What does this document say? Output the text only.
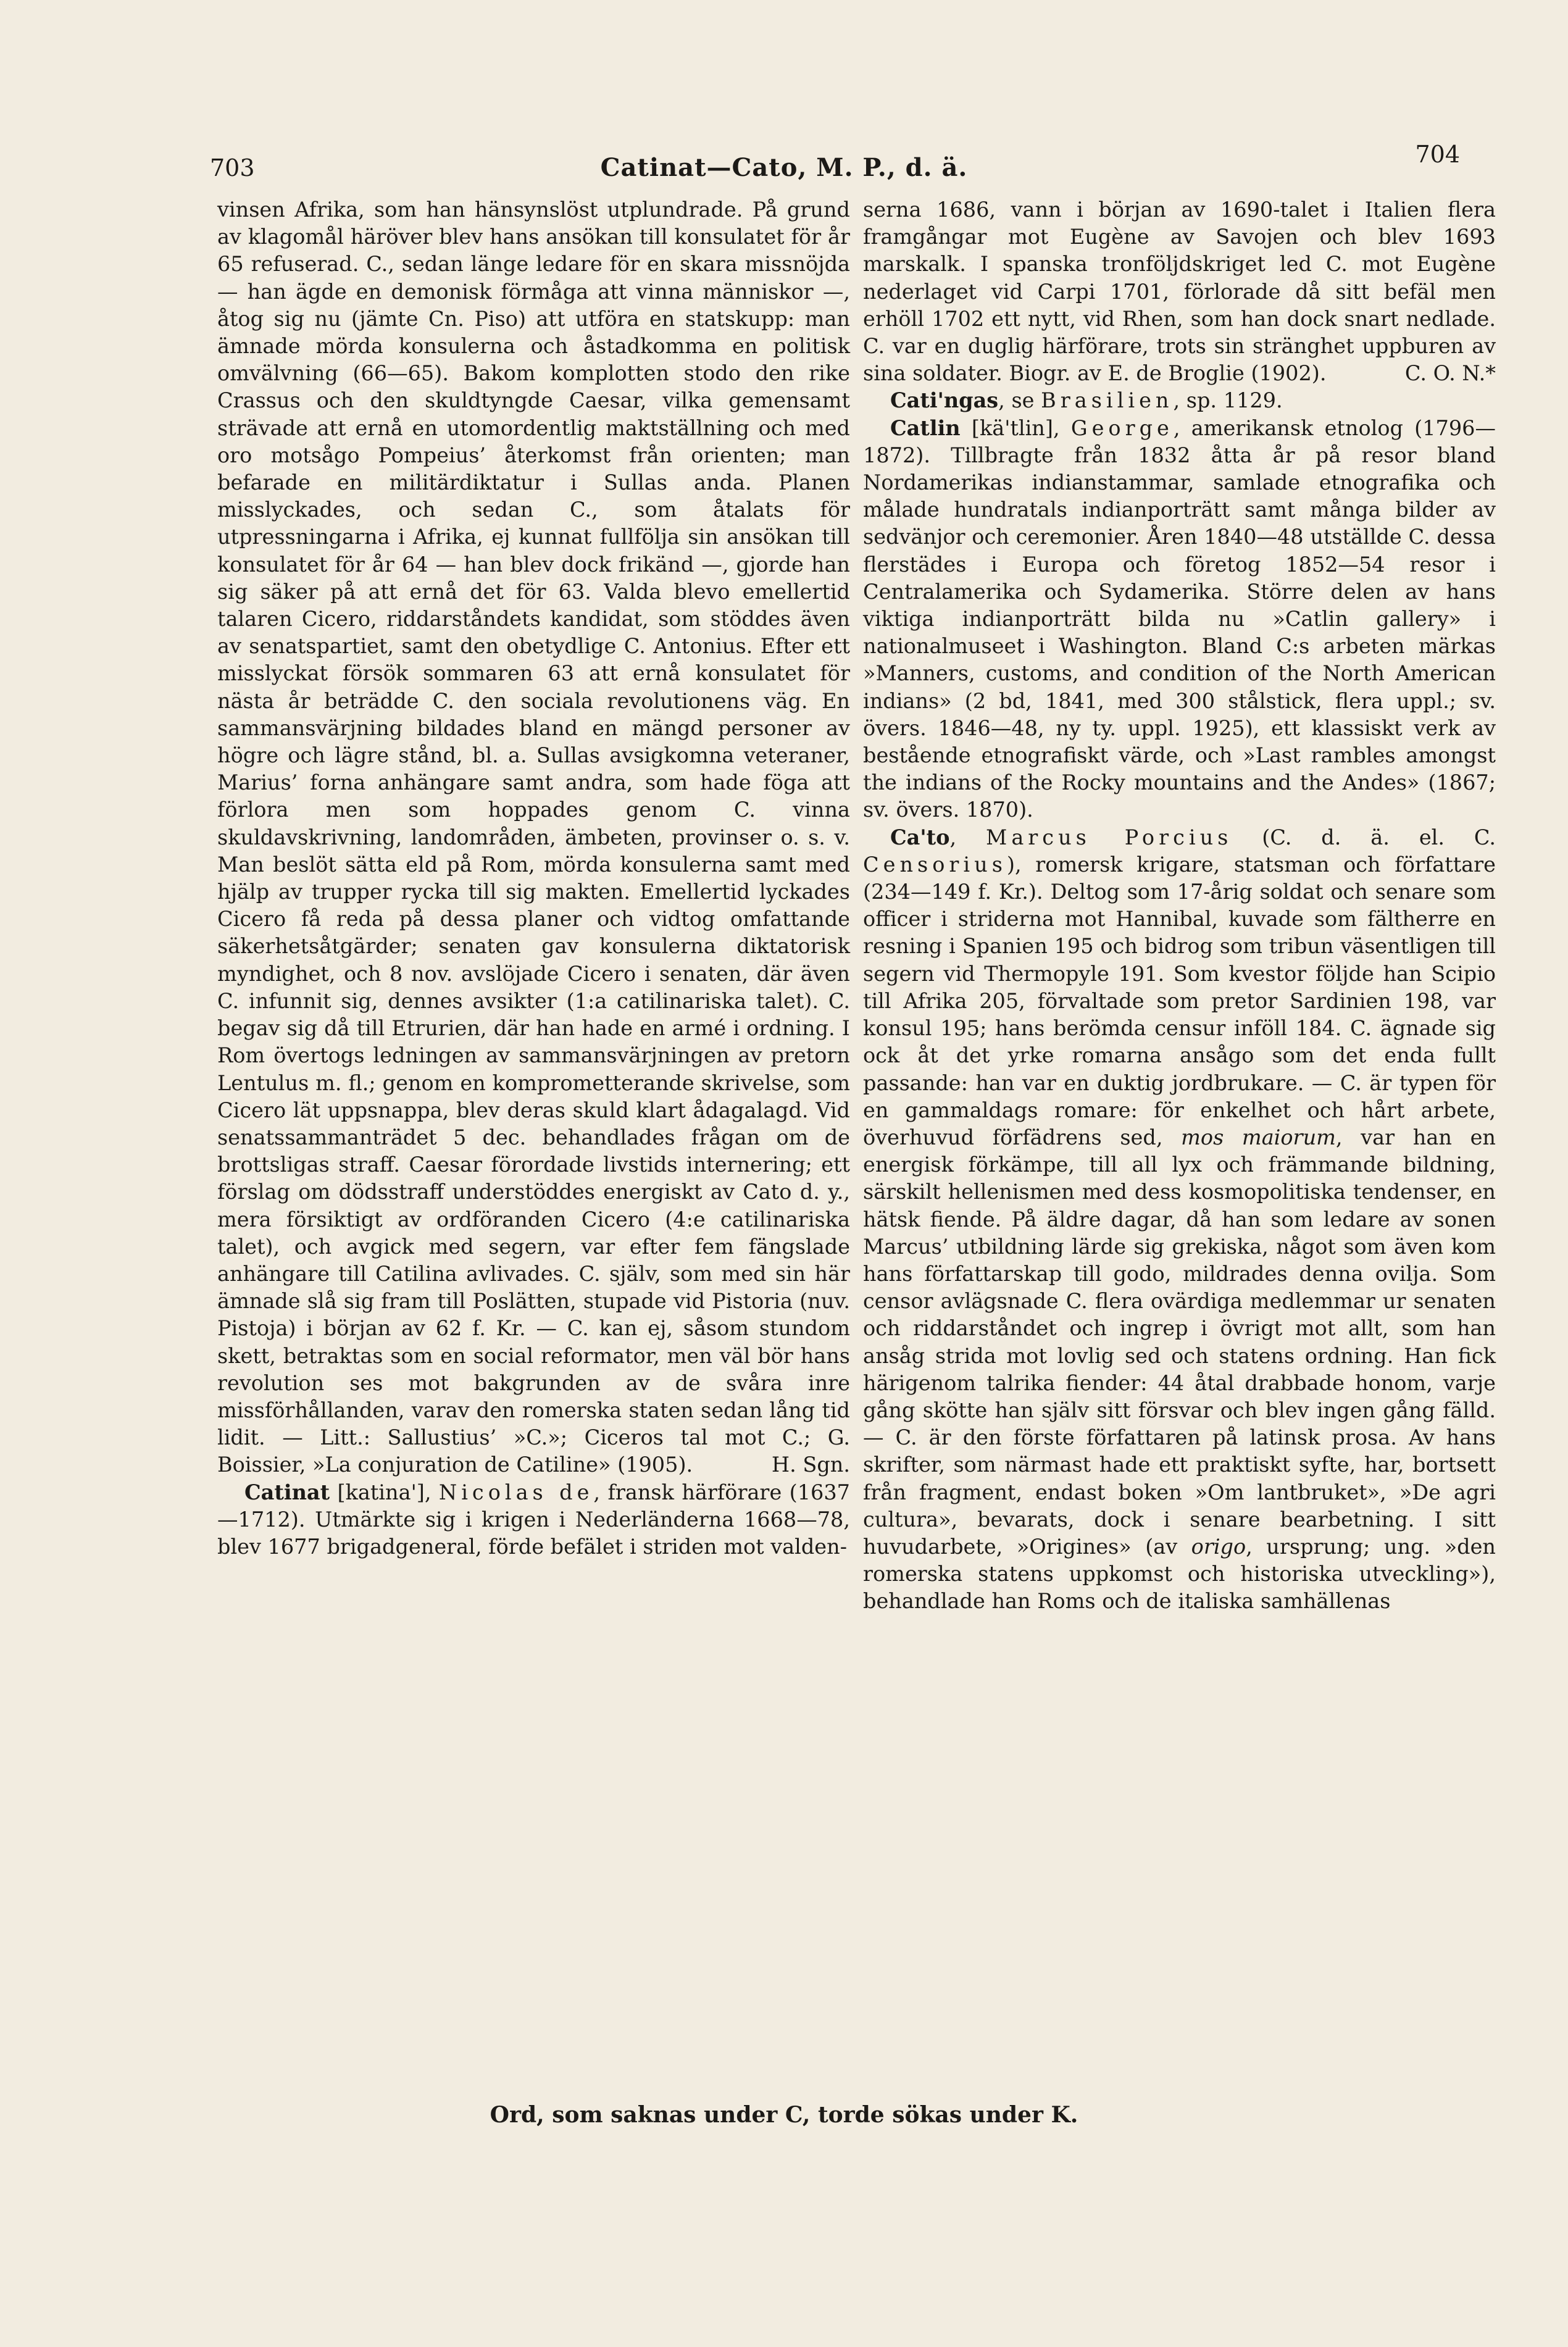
703	Catinat—Cato, M. P., d. ä.	704

vinsen Afrika, som han hänsynslöst utplundrade. På grund av klagomål häröver blev hans ansökan till konsulatet för år 65 refuserad. C., sedan länge ledare för en skara missnöjda — han ägde en demonisk förmåga att vinna människor —, åtog sig nu (jämte Cn. Piso) att utföra en statskupp: man ämnade mörda konsulerna och åstadkomma en politisk omvälvning (66—65). Bakom komplotten stodo den rike Crassus och den skuldtyngde Caesar, vilka gemensamt strävade att ernå en utomordentlig maktställning och med oro motsågo Pompeius’ återkomst från orienten; man befarade en militärdiktatur i Sullas anda. Planen misslyckades, och sedan C., som åtalats för utpressningarna i Afrika, ej kunnat fullfölja sin ansökan till konsulatet för år 64 — han blev dock frikänd —, gjorde han sig säker på att ernå det för 63. Valda blevo emellertid talaren Cicero, riddarståndets kandidat, som stöddes även av senatspartiet, samt den obetydlige C. Antonius. Efter ett misslyckat försök sommaren 63 att ernå konsulatet för nästa år beträdde C. den sociala revolutionens väg. En sammansvärjning bildades bland en mängd personer av högre och lägre stånd, bl. a. Sullas avsigkomna veteraner, Marius’ forna anhängare samt andra, som hade föga att förlora men som hoppades genom C. vinna skuldavskrivning, landområden, ämbeten, provinser o. s. v. Man beslöt sätta eld på Rom, mörda konsulerna samt med hjälp av trupper rycka till sig makten. Emellertid lyckades Cicero få reda på dessa planer och vidtog omfattande säkerhetsåtgärder; senaten gav konsulerna diktatorisk myndighet, och 8 nov. avslöjade Cicero i senaten, där även C. infunnit sig, dennes avsikter (1:a catilinariska talet). C. begav sig då till Etrurien, där han hade en armé i ordning. I Rom övertogs ledningen av sammansvärjningen av pretorn Lentulus m. fl.; genom en komprometterande skrivelse, som Cicero lät uppsnappa, blev deras skuld klart ådagalagd. Vid senatssammanträdet 5 dec. behandlades frågan om de brottsligas straff. Caesar förordade livstids internering; ett förslag om dödsstraff understöddes energiskt av Cato d. y., mera försiktigt av ordföranden Cicero (4:e catilinariska talet), och avgick med segern, var efter fem fängslade anhängare till Catilina avlivades. C. själv, som med sin här ämnade slå sig fram till Poslätten, stupade vid Pistoria (nuv. Pistoja) i början av 62 f. Kr. — C. kan ej, såsom stundom skett, betraktas som en social reformator, men väl bör hans revolution ses mot bakgrunden av de svåra inre missförhållanden, varav den romerska staten sedan lång tid lidit. — Litt.: Sallustius’ »C.»; Ciceros tal mot C.; G. Boissier, »La conjuration de Catiline» (1905).	H. Sgn.

Catinat [katina'], Nicolas de, fransk härförare (1637—1712). Utmärkte sig i krigen i Nederländerna 1668—78, blev 1677 brigadgeneral, förde befälet i striden mot valden-

serna 1686, vann i början av 1690-talet i Italien flera framgångar mot Eugène av Savojen och blev 1693 marskalk. I spanska tronföljdskriget led C. mot Eugène nederlaget vid Carpi 1701, förlorade då sitt befäl men erhöll 1702 ett nytt, vid Rhen, som han dock snart nedlade. C. var en duglig härförare, trots sin stränghet uppburen av sina soldater. Biogr. av E. de Broglie (1902).	C. O. N.*

Cati'ngas, se Brasilien, sp. 1129.

Catlin [kä'tlin], George, amerikansk etnolog (1796—1872). Tillbragte från 1832 åtta år på resor bland Nordamerikas indianstammar, samlade etnografika och målade hundratals indianporträtt samt många bilder av sedvänjor och ceremonier. Åren 1840—48 utställde C. dessa flerstädes i Europa och företog 1852—54 resor i Centralamerika och Sydamerika. Större delen av hans viktiga indianporträtt bilda nu »Catlin gallery» i nationalmuseet i Washington. Bland C:s arbeten märkas »Manners, customs, and condition of the North American indians» (2 bd, 1841, med 300 stålstick, flera uppl.; sv. övers. 1846—48, ny ty. uppl. 1925), ett klassiskt verk av bestående etnografiskt värde, och »Last rambles amongst the indians of the Rocky mountains and the Andes» (1867; sv. övers. 1870).

Ca'to, Marcus Porcius (C. d. ä. el. C. Censorius), romersk krigare, statsman och författare (234—149 f. Kr.). Deltog som 17-årig soldat och senare som officer i striderna mot Hannibal, kuvade som fältherre en resning i Spanien 195 och bidrog som tribun väsentligen till segern vid Thermopyle 191. Som kvestor följde han Scipio till Afrika 205, förvaltade som pretor Sardinien 198, var konsul 195; hans berömda censur inföll 184. C. ägnade sig ock åt det yrke romarna ansågo som det enda fullt passande: han var en duktig jordbrukare. — C. är typen för en gammaldags romare: för enkelhet och hårt arbete, överhuvud förfädrens sed, mos maiorum, var han en energisk förkämpe, till all lyx och främmande bildning, särskilt hellenismen med dess kosmopolitiska tendenser, en hätsk fiende. På äldre dagar, då han som ledare av sonen Marcus’ utbildning lärde sig grekiska, något som även kom hans författarskap till godo, mildrades denna ovilja. Som censor avlägsnade C. flera ovärdiga medlemmar ur senaten och riddarståndet och ingrep i övrigt mot allt, som han ansåg strida mot lovlig sed och statens ordning. Han fick härigenom talrika fiender: 44 åtal drabbade honom, varje gång skötte han själv sitt försvar och blev ingen gång fälld. — C. är den förste författaren på latinsk prosa. Av hans skrifter, som närmast hade ett praktiskt syfte, har, bortsett från fragment, endast boken »Om lantbruket», »De agri cultura», bevarats, dock i senare bearbetning. I sitt huvudarbete, »Origines» (av origo, ursprung; ung. »den romerska statens uppkomst och historiska utveckling»), behandlade han Roms och de italiska samhällenas

Ord, som saknas under C, torde sökas under K.
